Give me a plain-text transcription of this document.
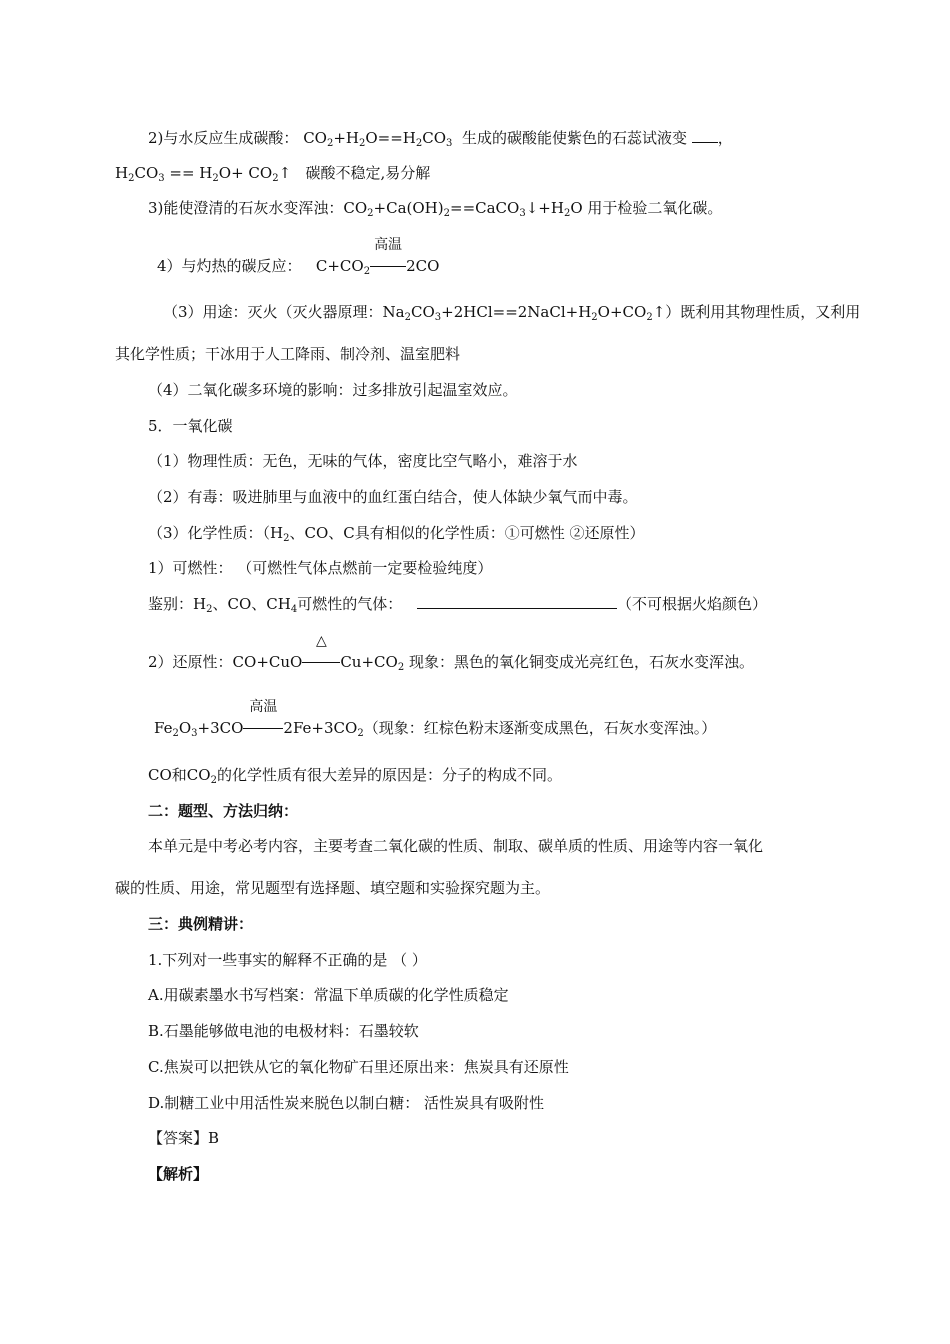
2)与水反应生成碳酸： $CO_2+H_2O==H_2CO_3$ 生成的碳酸能使紫色的石蕊试液变 ，
$H_2CO_3 == H_2O+$ $CO_2↑$ 碳酸不稳定,易分解
3)能使澄清的石灰水变浑浊：$CO_2+Ca(OH)_2==CaCO_3↓+H_2O$ 用于检验二氧化碳。
4）与灼热的碳反应： $C+CO_2$
高温
2CO
（3）用途：灭火（灭火器原理：$Na_2CO_3+2HCl==2NaCl+H_2O+CO_2↑$）既利用其物理性质，又利用
其化学性质；干冰用于人工降雨、制冷剂、温室肥料
（4）二氧化碳多环境的影响：过多排放引起温室效应。
5．一氧化碳
（1）物理性质：无色，无味的气体，密度比空气略小，难溶于水
（2）有毒：吸进肺里与血液中的血红蛋白结合，使人体缺少氧气而中毒。
（3）化学性质：（$H_2$、CO、C具有相似的化学性质：①可燃性 ②还原性）
1）可燃性： （可燃性气体点燃前一定要检验纯度）
鉴别：$H_2$、CO、$CH_4$可燃性的气体：	（不可根据火焰颜色）
2）还原性：CO+CuO
△
$Cu+CO_2$ 现象：黑色的氧化铜变成光亮红色，石灰水变浑浊。
$Fe_2O_3+3CO$
高温
$2Fe+3CO_2$（现象：红棕色粉末逐渐变成黑色，石灰水变浑浊。）
CO和$CO_2$的化学性质有很大差异的原因是：分子的构成不同。
二：题型、方法归纳：
本单元是中考必考内容，主要考查二氧化碳的性质、制取、碳单质的性质、用途等内容一氧化
碳的性质、用途，常见题型有选择题、填空题和实验探究题为主。
三：典例精讲：
1.下列对一些事实的解释不正确的是 （ ）
A.用碳素墨水书写档案：常温下单质碳的化学性质稳定
B.石墨能够做电池的电极材料：石墨较软
C.焦炭可以把铁从它的氧化物矿石里还原出来：焦炭具有还原性
D.制糖工业中用活性炭来脱色以制白糖： 活性炭具有吸附性
【答案】B
【解析】
